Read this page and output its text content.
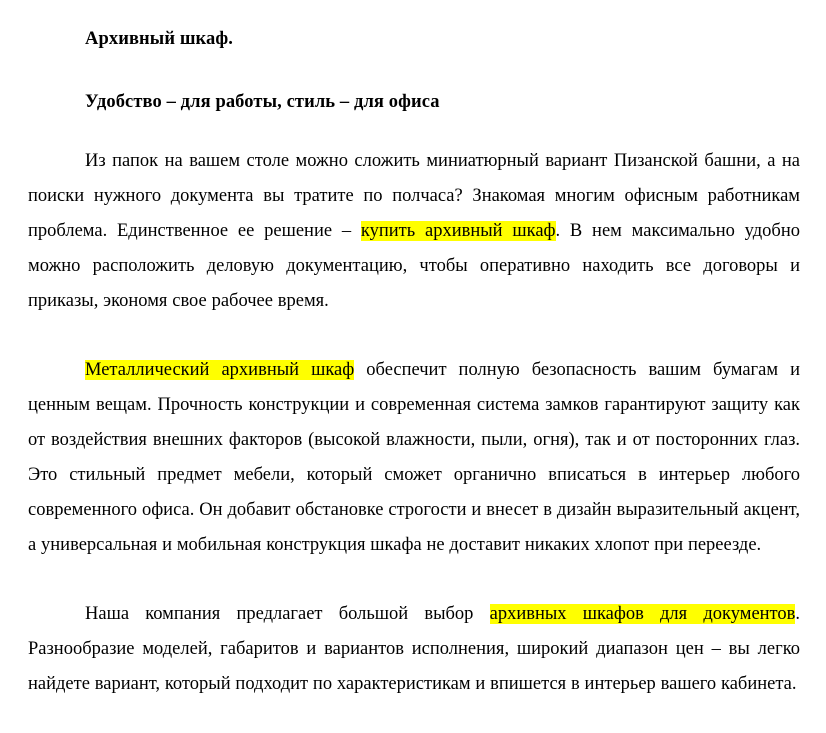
Архивный шкаф.

Удобство – для работы, стиль – для офиса

Из папок на вашем столе можно сложить миниатюрный вариант Пизанской башни, а на поиски нужного документа вы тратите по полчаса? Знакомая многим офисным работникам проблема. Единственное ее решение – купить архивный шкаф. В нем максимально удобно можно расположить деловую документацию, чтобы оперативно находить все договоры и приказы, экономя свое рабочее время.

Металлический архивный шкаф обеспечит полную безопасность вашим бумагам и ценным вещам. Прочность конструкции и современная система замков гарантируют защиту как от воздействия внешних факторов (высокой влажности, пыли, огня), так и от посторонних глаз. Это стильный предмет мебели, который сможет органично вписаться в интерьер любого современного офиса. Он добавит обстановке строгости и внесет в дизайн выразительный акцент, а универсальная и мобильная конструкция шкафа не доставит никаких хлопот при переезде.

Наша компания предлагает большой выбор архивных шкафов для документов. Разнообразие моделей, габаритов и вариантов исполнения, широкий диапазон цен – вы легко найдете вариант, который подходит по характеристикам и впишется в интерьер вашего кабинета.
